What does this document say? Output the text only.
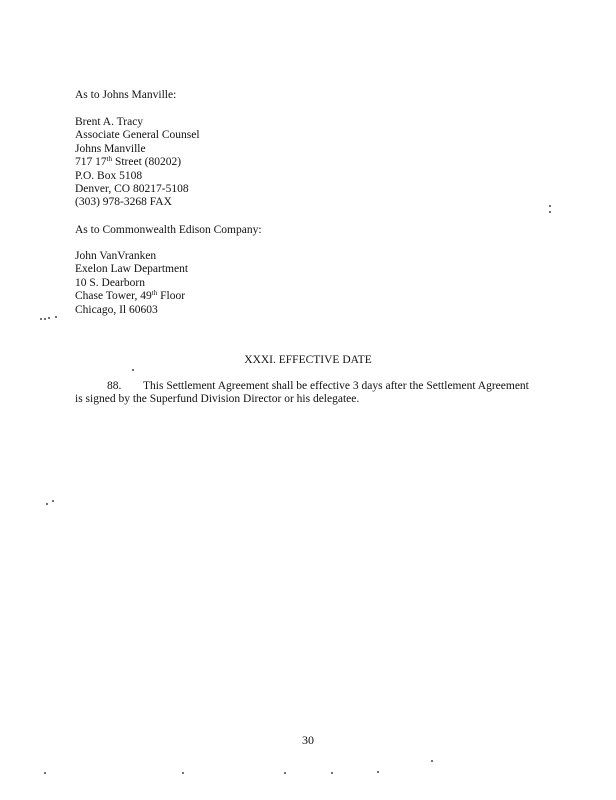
As to Johns Manville:

Brent A. Tracy
Associate General Counsel
Johns Manville
717 17th Street (80202)
P.O. Box 5108
Denver, CO 80217-5108
(303) 978-3268 FAX

As to Commonwealth Edison Company:

John VanVranken
Exelon Law Department
10 S. Dearborn
Chase Tower, 49th Floor
Chicago, Il 60603
XXXI. EFFECTIVE DATE
88. This Settlement Agreement shall be effective 3 days after the Settlement Agreement
is signed by the Superfund Division Director or his delegatee.
30
